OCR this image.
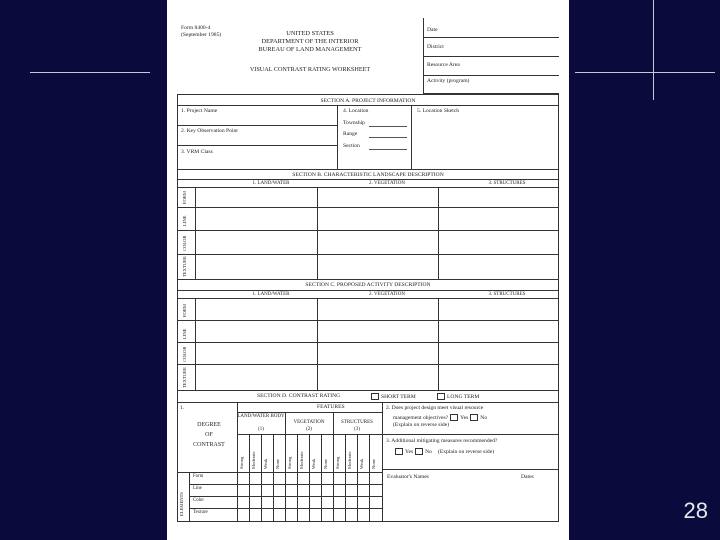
28
Form 8400-4
(September 1985)	UNITED STATES
DEPARTMENT OF THE INTERIOR
BUREAU OF LAND MANAGEMENT
VISUAL CONTRAST RATING WORKSHEET
Date
District
Resource Area
Activity (program)
SECTION A. PROJECT INFORMATION
1. Project Name
2. Key Observation Point
3. VRM Class
4. Location
Township
Range
Section
5. Location Sketch
SECTION B. CHARACTERISTIC LANDSCAPE DESCRIPTION
1. LAND/WATER	2. VEGETATION	3. STRUCTURES
FORM
LINE
COLOR
TEXTURE
SECTION C. PROPOSED ACTIVITY DESCRIPTION
1. LAND/WATER	2. VEGETATION	3. STRUCTURES
FORM
LINE
COLOR
TEXTURE
SECTION D. CONTRAST RATING	SHORT TERM	LONG TERM
1.	FEATURES
DEGREE
OF
CONTRAST
LAND/WATER BODY
(1)
VEGETATION
(2)
STRUCTURES
(3)
Strong Moderate Weak None Strong Moderate Weak None Strong Moderate Weak None
ELEMENTS
Form
Line
Color
Texture
2. Does project design meet visual resource
management objectives? Yes No
(Explain on reverse side)
3. Additional mitigating measures recommended?
Yes No (Explain on reverse side)
Evaluator's Names	Dates
